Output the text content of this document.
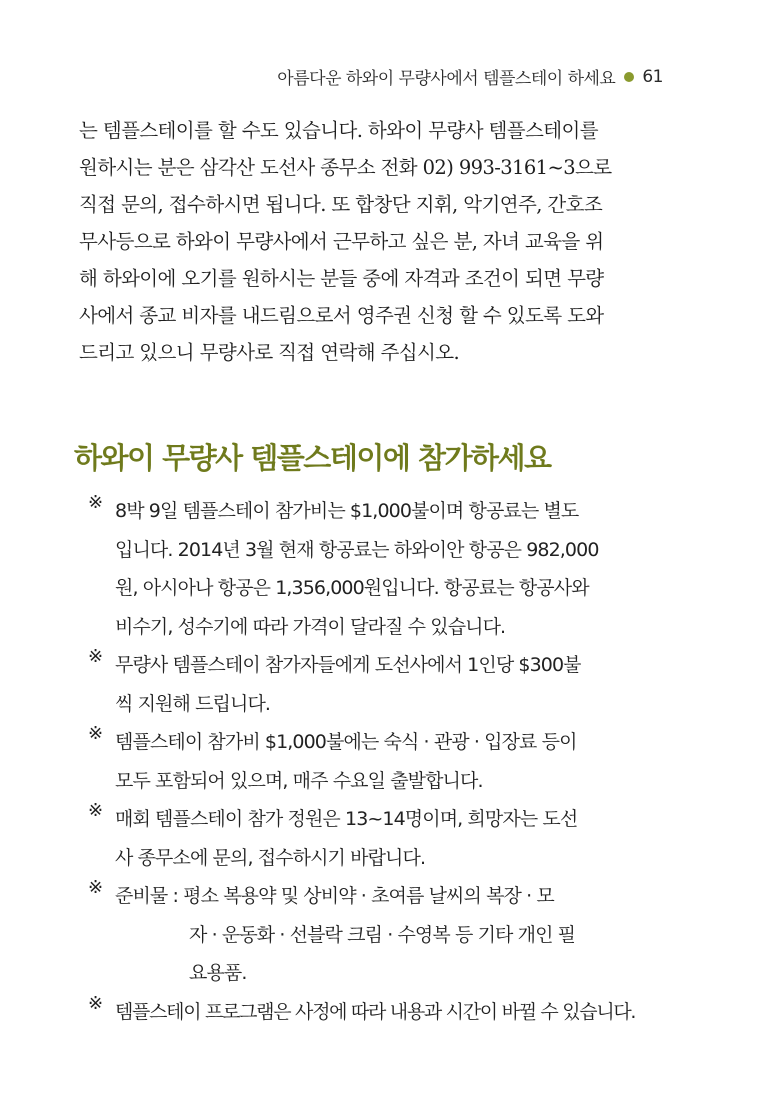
아름다운 하와이 무량사에서 템플스테이 하세요 61
는 템플스테이를 할 수도 있습니다. 하와이 무량사 템플스테이를
원하시는 분은 삼각산 도선사 종무소 전화 02) 993-3161~3으로
직접 문의, 접수하시면 됩니다. 또 합창단 지휘, 악기연주, 간호조
무사등으로 하와이 무량사에서 근무하고 싶은 분, 자녀 교육을 위
해 하와이에 오기를 원하시는 분들 중에 자격과 조건이 되면 무량
사에서 종교 비자를 내드림으로서 영주권 신청 할 수 있도록 도와
드리고 있으니 무량사로 직접 연락해 주십시오.
하와이 무량사 템플스테이에 참가하세요
※ 8박 9일 템플스테이 참가비는 $1,000불이며 항공료는 별도
입니다. 2014년 3월 현재 항공료는 하와이안 항공은 982,000
원, 아시아나 항공은 1,356,000원입니다. 항공료는 항공사와
비수기, 성수기에 따라 가격이 달라질 수 있습니다.
※ 무량사 템플스테이 참가자들에게 도선사에서 1인당 $300불
씩 지원해 드립니다.
※ 템플스테이 참가비 $1,000불에는 숙식 · 관광 · 입장료 등이
모두 포함되어 있으며, 매주 수요일 출발합니다.
※ 매회 템플스테이 참가 정원은 13~14명이며, 희망자는 도선
사 종무소에 문의, 접수하시기 바랍니다.
※ 준비물 : 평소 복용약 및 상비약 · 초여름 날씨의 복장 · 모
자 · 운동화 · 선블락 크림 · 수영복 등 기타 개인 필
요용품.
※ 템플스테이 프로그램은 사정에 따라 내용과 시간이 바뀔 수 있습니다.
